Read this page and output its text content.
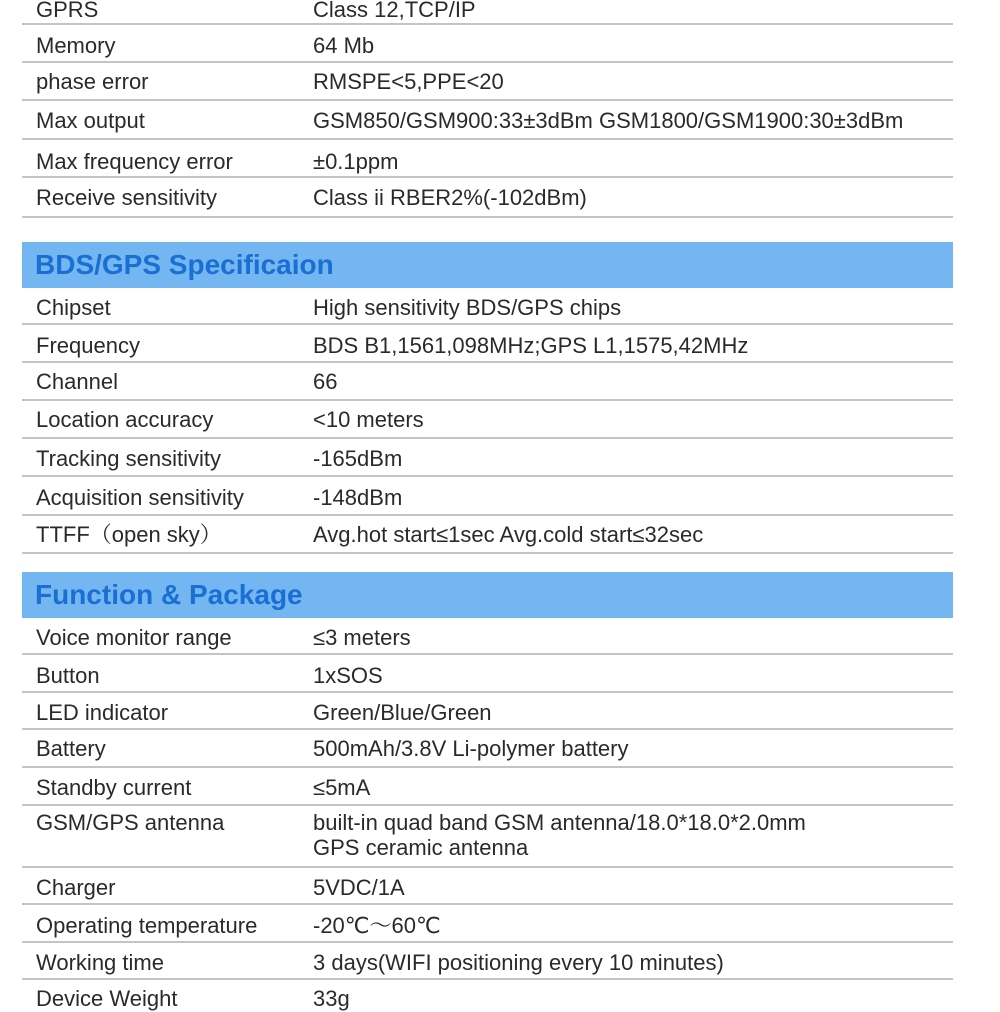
GPRS	Class 12,TCP/IP
Memory	64 Mb
phase error	RMSPE<5,PPE<20
Max output	GSM850/GSM900:33±3dBm GSM1800/GSM1900:30±3dBm
Max frequency error	±0.1ppm
Receive sensitivity	Class ii RBER2%(-102dBm)
BDS/GPS Specificaion
Chipset	High sensitivity BDS/GPS chips
Frequency	BDS B1,1561,098MHz;GPS L1,1575,42MHz
Channel	66
Location accuracy	<10 meters
Tracking sensitivity	-165dBm
Acquisition sensitivity	-148dBm
TTFF（open sky）	Avg.hot start≤1sec Avg.cold start≤32sec
Function & Package
Voice monitor range	≤3 meters
Button	1xSOS
LED indicator	Green/Blue/Green
Battery	500mAh/3.8V Li-polymer battery
Standby current	≤5mA
GSM/GPS antenna	built-in quad band GSM antenna/18.0*18.0*2.0mm
GPS ceramic antenna
Charger	5VDC/1A
Operating temperature	-20℃〜60℃
Working time	3 days(WIFI positioning every 10 minutes)
Device Weight	33g
